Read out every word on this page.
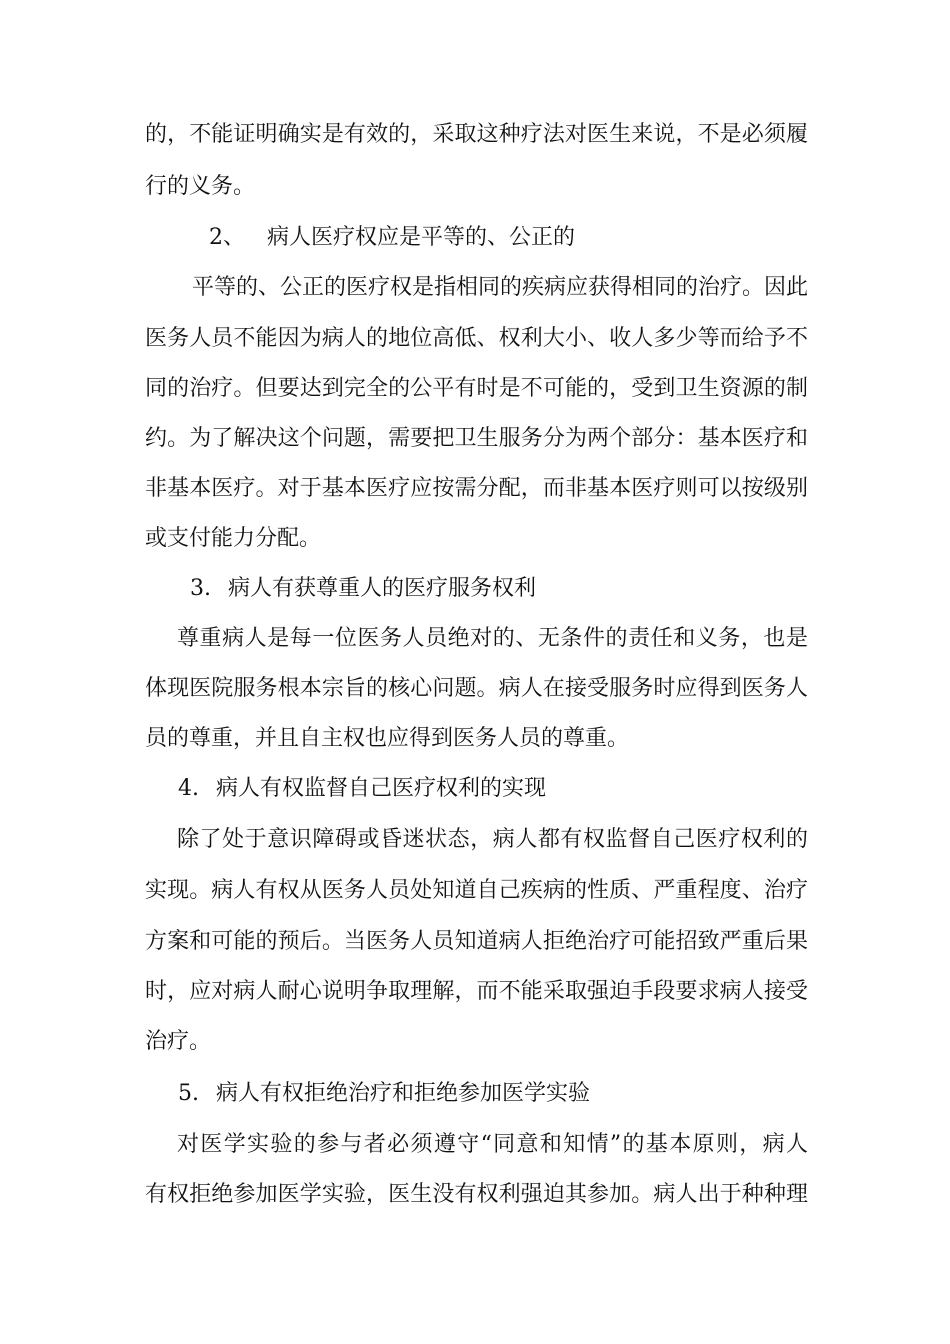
的，不能证明确实是有效的，采取这种疗法对医生来说，不是必须履
行的义务。
2、 病人医疗权应是平等的、公正的
平等的、公正的医疗权是指相同的疾病应获得相同的治疗。因此
医务人员不能因为病人的地位高低、权利大小、收人多少等而给予不
同的治疗。但要达到完全的公平有时是不可能的，受到卫生资源的制
约。为了解决这个问题，需要把卫生服务分为两个部分：基本医疗和
非基本医疗。对于基本医疗应按需分配，而非基本医疗则可以按级别
或支付能力分配。
3. 病人有获尊重人的医疗服务权利
尊重病人是每一位医务人员绝对的、无条件的责任和义务，也是
体现医院服务根本宗旨的核心问题。病人在接受服务时应得到医务人
员的尊重，并且自主权也应得到医务人员的尊重。
4. 病人有权监督自己医疗权利的实现
除了处于意识障碍或昏迷状态，病人都有权监督自己医疗权利的
实现。病人有权从医务人员处知道自己疾病的性质、严重程度、治疗
方案和可能的预后。当医务人员知道病人拒绝治疗可能招致严重后果
时，应对病人耐心说明争取理解，而不能采取强迫手段要求病人接受
治疗。
5. 病人有权拒绝治疗和拒绝参加医学实验
对医学实验的参与者必须遵守“同意和知情”的基本原则，病人
有权拒绝参加医学实验，医生没有权利强迫其参加。病人出于种种理
